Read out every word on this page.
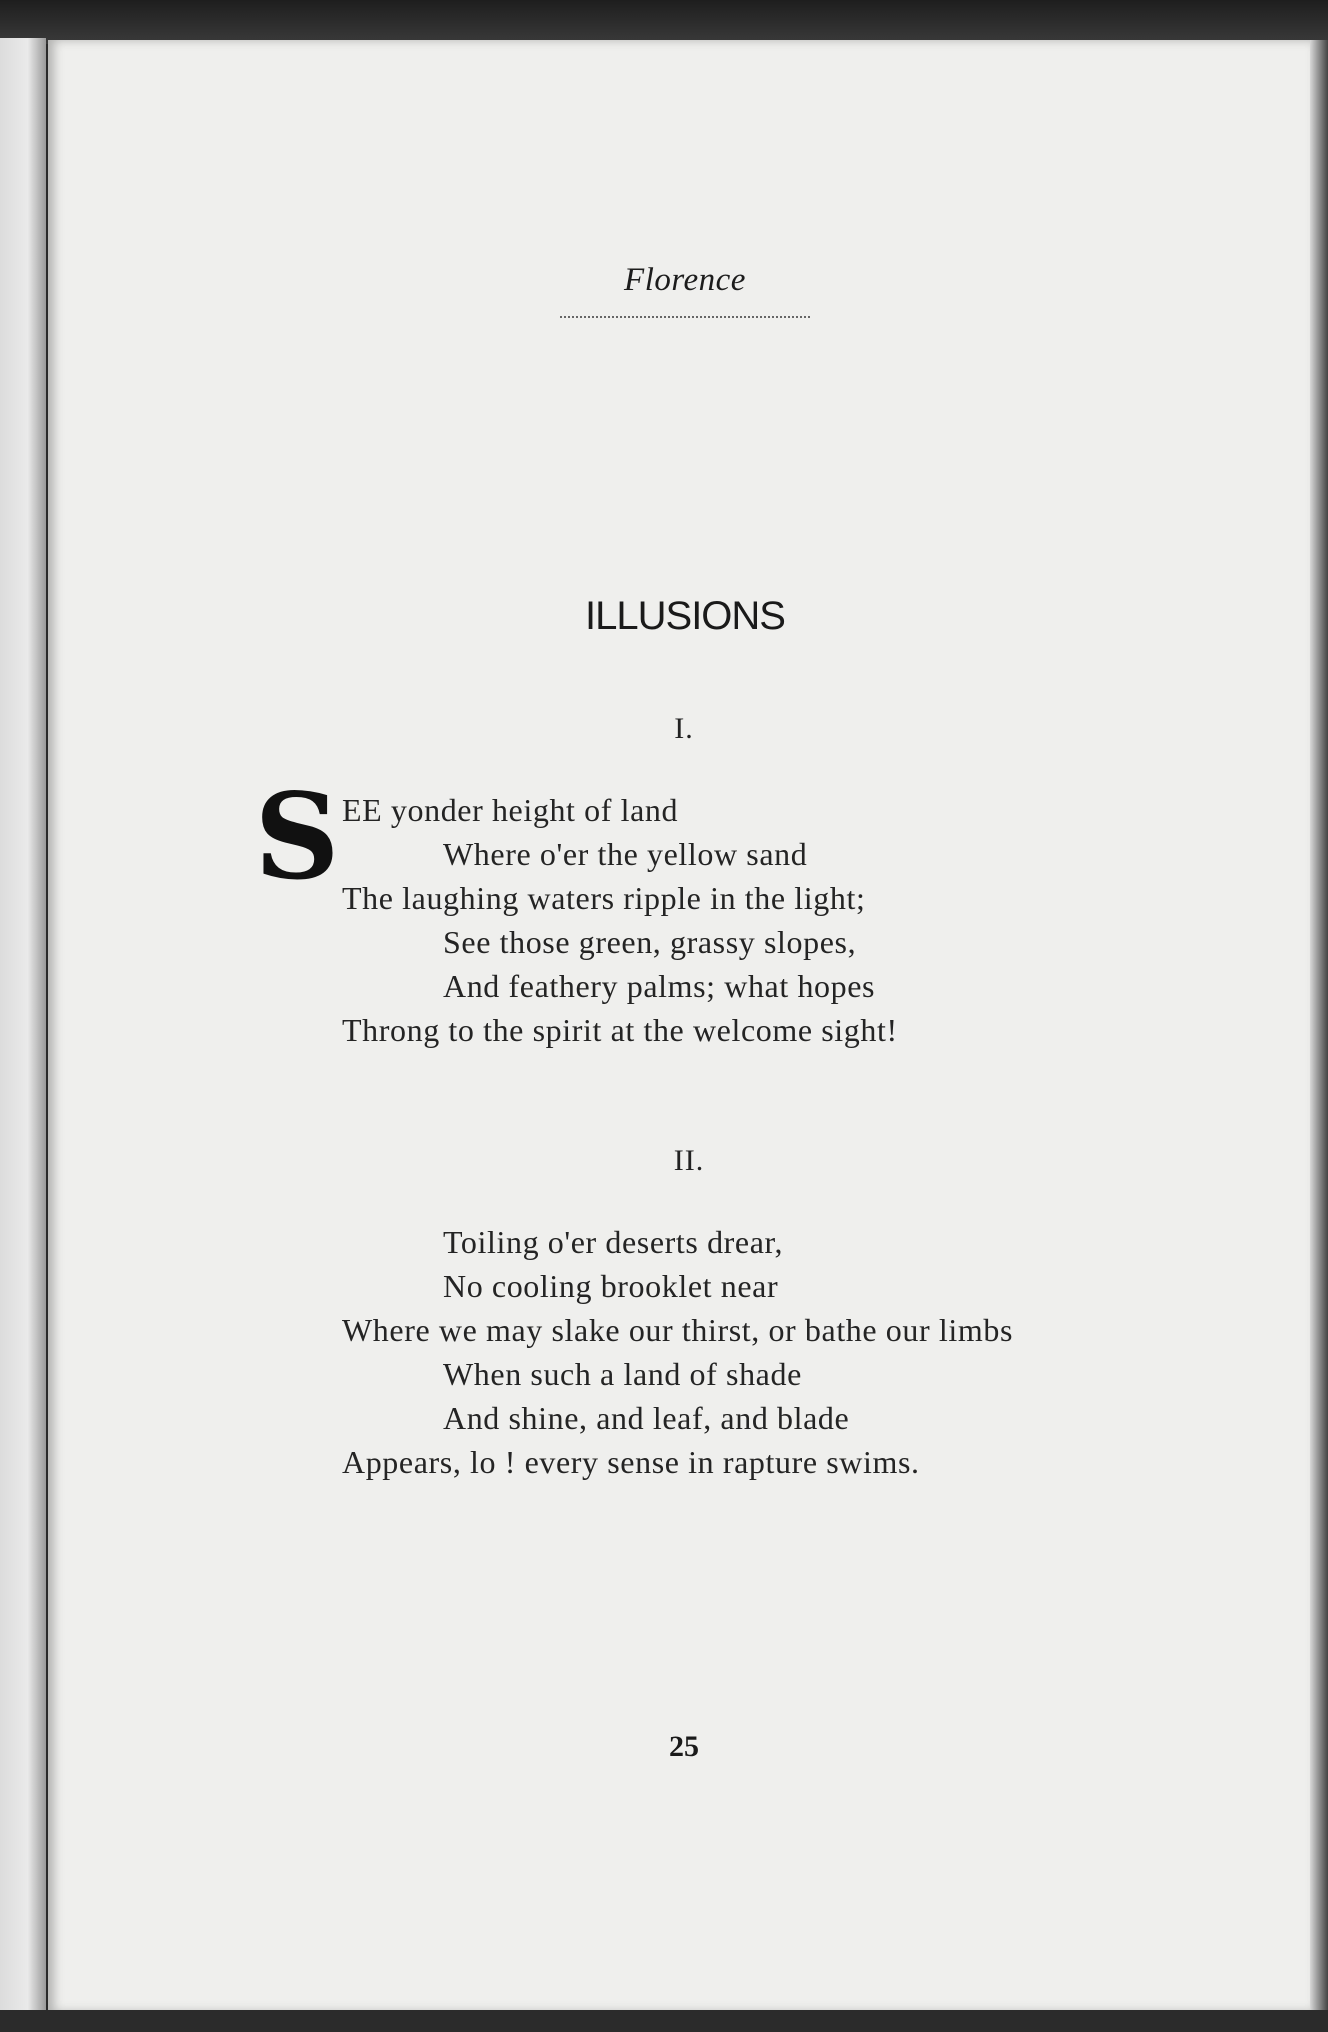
Florence
ILLUSIONS
I.
S EE yonder height of land
Where o'er the yellow sand
The laughing waters ripple in the light;
See those green, grassy slopes,
And feathery palms; what hopes
Throng to the spirit at the welcome sight!
II.
Toiling o'er deserts drear,
No cooling brooklet near
Where we may slake our thirst, or bathe our limbs
When such a land of shade
And shine, and leaf, and blade
Appears, lo ! every sense in rapture swims.
25
